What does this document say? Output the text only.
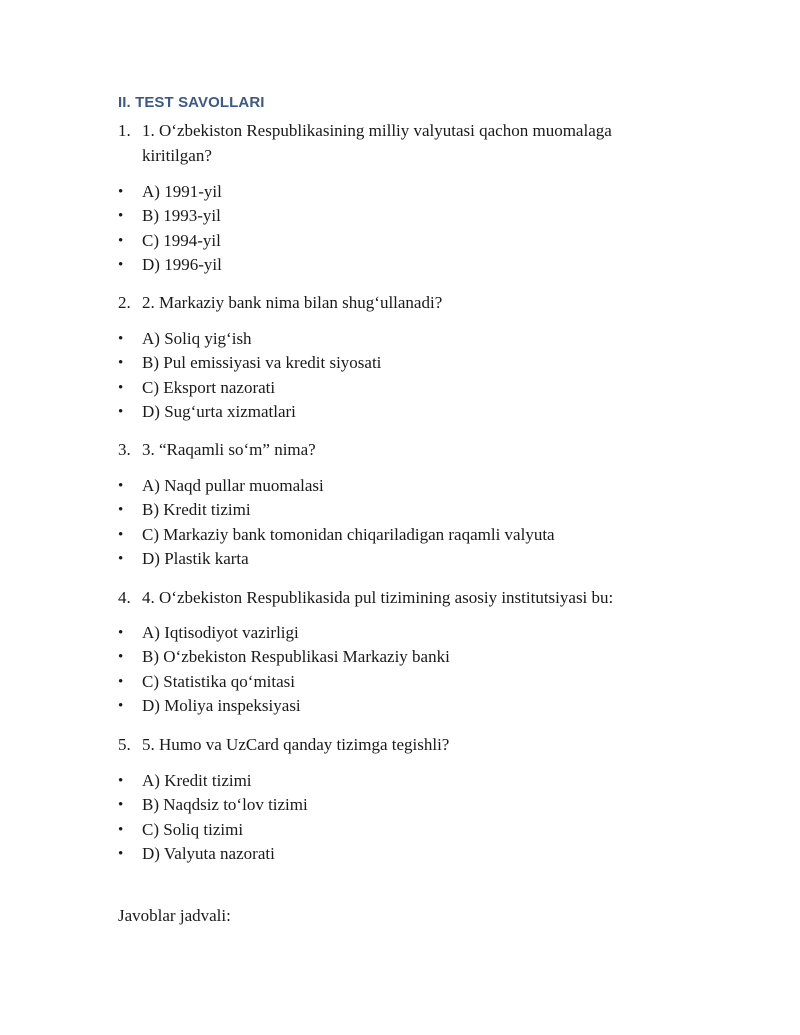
II. TEST SAVOLLARI
1. 1. O‘zbekiston Respublikasining milliy valyutasi qachon muomalaga kiritilgan?
•	A) 1991-yil
•	B) 1993-yil
•	C) 1994-yil
•	D) 1996-yil
2. 2. Markaziy bank nima bilan shug‘ullanadi?
•	A) Soliq yig‘ish
•	B) Pul emissiyasi va kredit siyosati
•	C) Eksport nazorati
•	D) Sug‘urta xizmatlari
3. 3. “Raqamli so‘m” nima?
•	A) Naqd pullar muomalasi
•	B) Kredit tizimi
•	C) Markaziy bank tomonidan chiqariladigan raqamli valyuta
•	D) Plastik karta
4. 4. O‘zbekiston Respublikasida pul tizimining asosiy institutsiyasi bu:
•	A) Iqtisodiyot vazirligi
•	B) O‘zbekiston Respublikasi Markaziy banki
•	C) Statistika qo‘mitasi
•	D) Moliya inspeksiyasi
5. 5. Humo va UzCard qanday tizimga tegishli?
•	A) Kredit tizimi
•	B) Naqdsiz to‘lov tizimi
•	C) Soliq tizimi
•	D) Valyuta nazorati
Javoblar jadvali:
